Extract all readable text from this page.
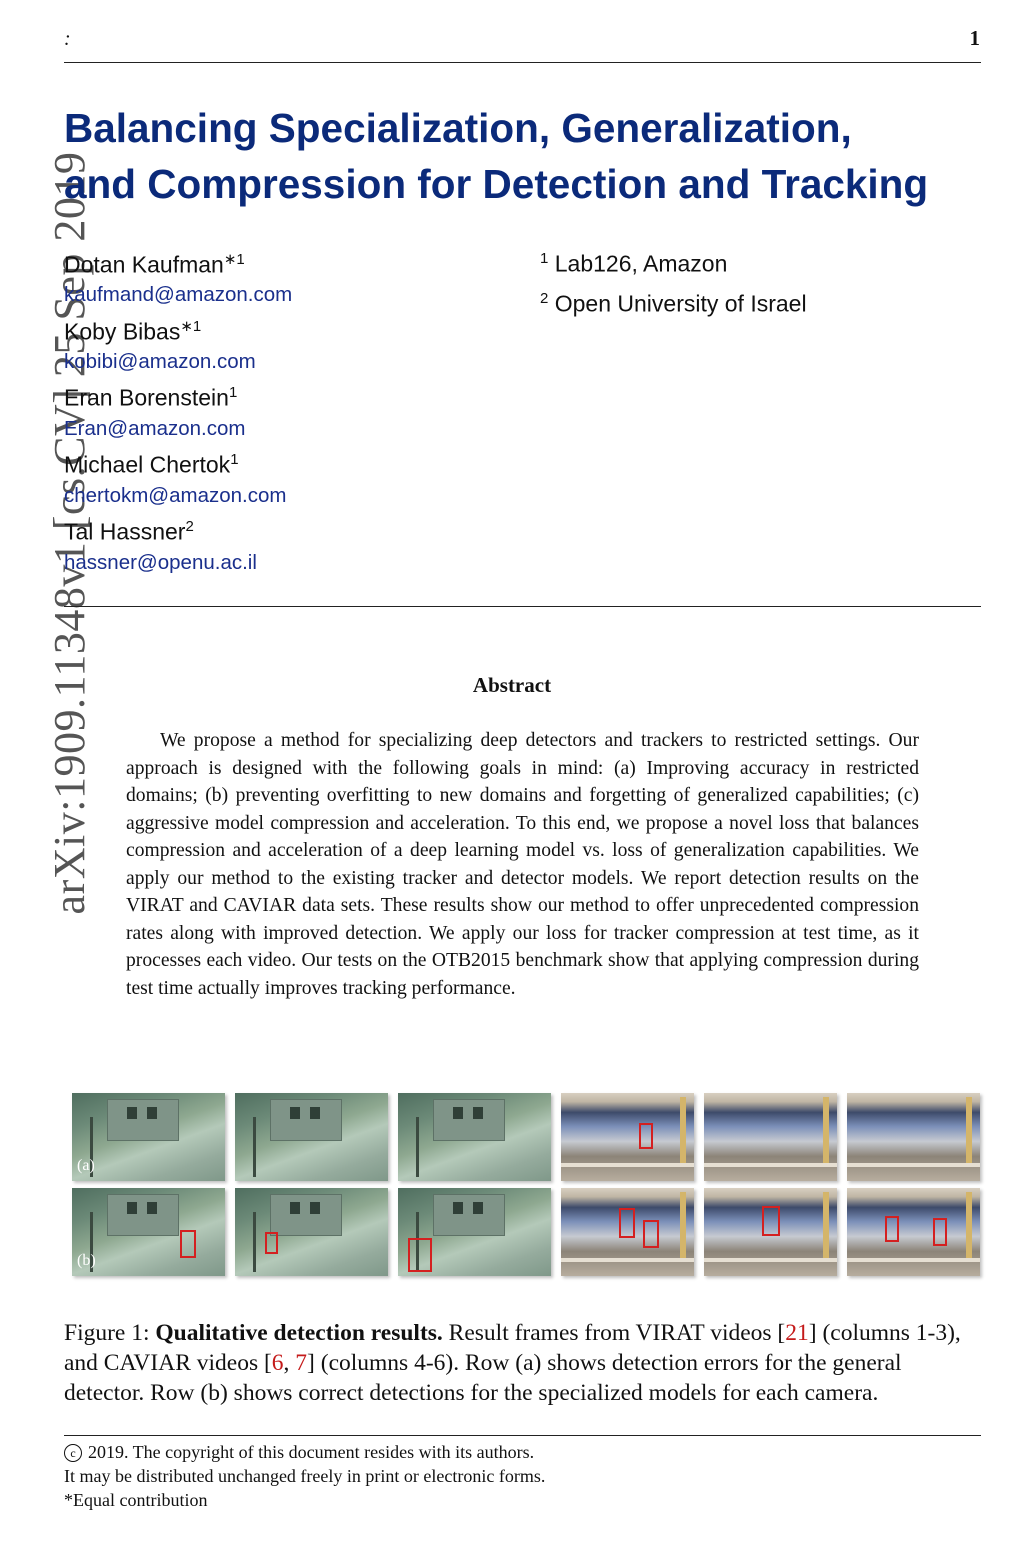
:	1
arXiv:1909.11348v1 [cs.CV] 25 Sep 2019
Balancing Specialization, Generalization,
and Compression for Detection and Tracking
Dotan Kaufman$^{∗1}$
kaufmand@amazon.com
Koby Bibas$^{∗1}$
kobibi@amazon.com
Eran Borenstein$^1$
Eran@amazon.com
Michael Chertok$^1$
chertokm@amazon.com
Tal Hassner$^2$
hassner@openu.ac.il
$^1$ Lab126, Amazon
$^2$ Open University of Israel
Abstract
We propose a method for specializing deep detectors and trackers to restricted settings. Our approach is designed with the following goals in mind: (a) Improving accuracy in restricted domains; (b) preventing overfitting to new domains and forgetting of generalized capabilities; (c) aggressive model compression and acceleration. To this end, we propose a novel loss that balances compression and acceleration of a deep learning model vs. loss of generalization capabilities. We apply our method to the existing tracker and detector models. We report detection results on the VIRAT and CAVIAR data sets. These results show our method to offer unprecedented compression rates along with improved detection. We apply our loss for tracker compression at test time, as it processes each video. Our tests on the OTB2015 benchmark show that applying compression during test time actually improves tracking performance.
(a)
(b)
Figure 1: Qualitative detection results. Result frames from VIRAT videos [21] (columns 1-3), and CAVIAR videos [6, 7] (columns 4-6). Row (a) shows detection errors for the general detector. Row (b) shows correct detections for the specialized models for each camera.
c 2019. The copyright of this document resides with its authors.
It may be distributed unchanged freely in print or electronic forms.
*Equal contribution
